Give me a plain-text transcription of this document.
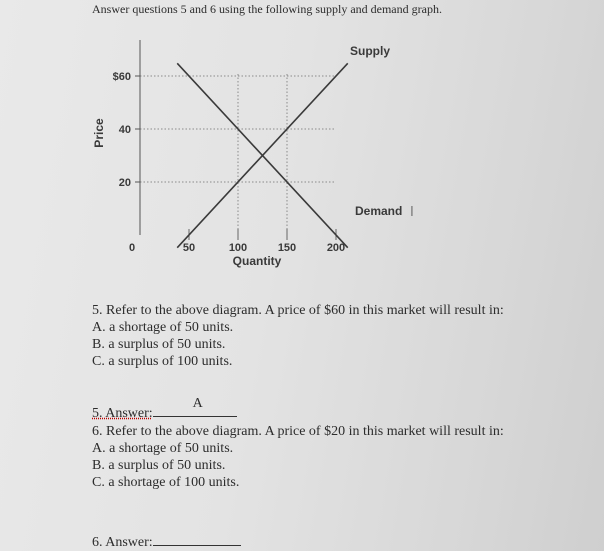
Answer questions 5 and 6 using the following supply and demand graph.
Supply
Demand I
20
40
$60
0	50	100	150	200
Quantity
Price
5. Refer to the above diagram. A price of $60 in this market will result in:
A. a shortage of 50 units.
B. a surplus of 50 units.
C. a surplus of 100 units.
5. Answer:
A
6. Refer to the above diagram. A price of $20 in this market will result in:
A. a shortage of 50 units.
B. a surplus of 50 units.
C. a shortage of 100 units.
6. Answer:
